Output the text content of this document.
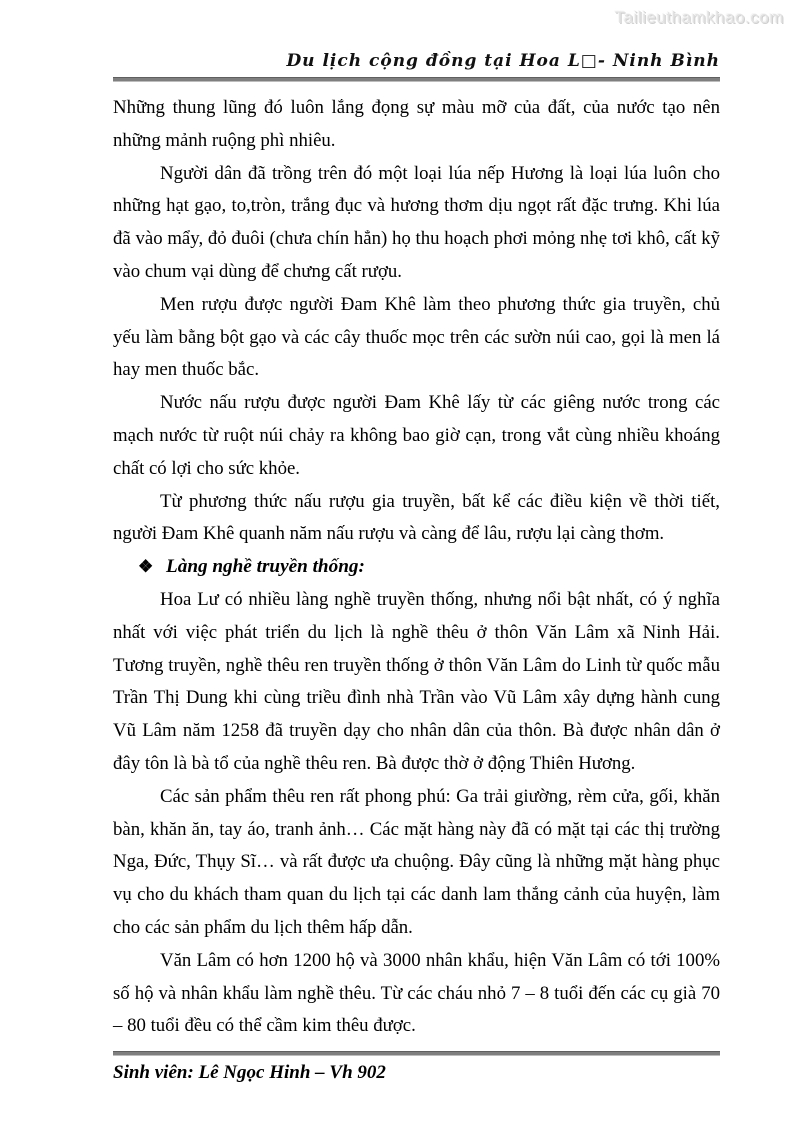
Tailieuthamkhao.com
Du lịch cộng đồng tại Hoa L□- Ninh Bình

Những thung lũng đó luôn lắng đọng sự màu mỡ của đất, của nước tạo nên những mảnh ruộng phì nhiêu.

Người dân đã trồng trên đó một loại lúa nếp Hương là loại lúa luôn cho những hạt gạo, to,tròn, trắng đục và hương thơm dịu ngọt rất đặc trưng. Khi lúa đã vào mẩy, đỏ đuôi (chưa chín hẳn) họ thu hoạch phơi mỏng nhẹ tơi khô, cất kỹ vào chum vại dùng để chưng cất rượu.

Men rượu được người Đam Khê làm theo phương thức gia truyền, chủ yếu làm bằng bột gạo và các cây thuốc mọc trên các sườn núi cao, gọi là men lá hay men thuốc bắc.

Nước nấu rượu được người Đam Khê lấy từ các giêng nước trong các mạch nước từ ruột núi chảy ra không bao giờ cạn, trong vắt cùng nhiều khoáng chất có lợi cho sức khỏe.

Từ phương thức nấu rượu gia truyền, bất kể các điều kiện về thời tiết, người Đam Khê quanh năm nấu rượu và càng để lâu, rượu lại càng thơm.

❖ Làng nghề truyền thống:

Hoa Lư có nhiều làng nghề truyền thống, nhưng nổi bật nhất, có ý nghĩa nhất với việc phát triển du lịch là nghề thêu ở thôn Văn Lâm xã Ninh Hải. Tương truyền, nghề thêu ren truyền thống ở thôn Văn Lâm do Linh từ quốc mẫu Trần Thị Dung khi cùng triều đình nhà Trần vào Vũ Lâm xây dựng hành cung Vũ Lâm năm 1258 đã truyền dạy cho nhân dân của thôn. Bà được nhân dân ở đây tôn là bà tổ của nghề thêu ren. Bà được thờ ở động Thiên Hương.

Các sản phẩm thêu ren rất phong phú: Ga trải giường, rèm cửa, gối, khăn bàn, khăn ăn, tay áo, tranh ảnh… Các mặt hàng này đã có mặt tại các thị trường Nga, Đức, Thụy Sĩ… và rất được ưa chuộng. Đây cũng là những mặt hàng phục vụ cho du khách tham quan du lịch tại các danh lam thắng cảnh của huyện, làm cho các sản phẩm du lịch thêm hấp dẫn.

Văn Lâm có hơn 1200 hộ và 3000 nhân khẩu, hiện Văn Lâm có tới 100% số hộ và nhân khẩu làm nghề thêu. Từ các cháu nhỏ 7 – 8 tuổi đến các cụ già 70 – 80 tuổi đều có thể cầm kim thêu được.

Sinh viên: Lê Ngọc Hinh – Vh 902
